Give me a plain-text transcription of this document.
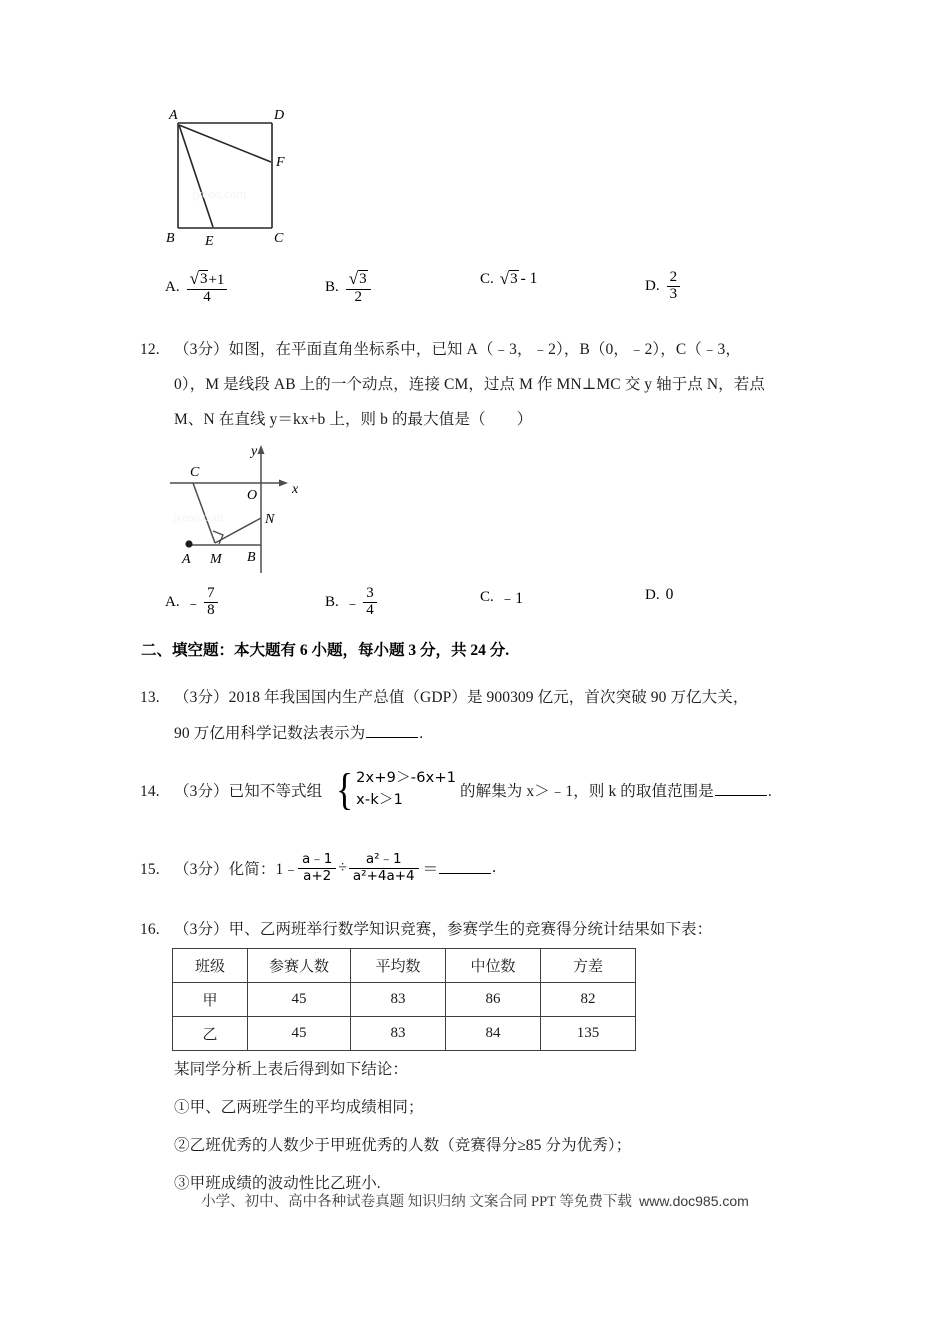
A	D
F
B E	C
jyeoo.com
A. $\frac{√ 3 +1}{4}$	B. $\frac{√ 3}{2}$	C. √ 3 - 1	D. $\frac{2}{3}$
12. （3分）如图，在平面直角坐标系中，已知 A（﹣3，﹣2），B（0，﹣2），C（﹣3，
0），M 是线段 AB 上的一个动点，连接 CM，过点 M 作 MN⊥MC 交 y 轴于点 N，若点
M、N 在直线 y＝kx+b 上，则 b 的最大值是（　　）
y
x
O
C
N
A M B
jyeoo.com
A. ﹣ $\frac{7}{8}$	B. ﹣ $\frac{3}{4}$	C. ﹣1	D. 0
二、填空题：本大题有 6 小题，每小题 3 分，共 24 分.
13. （3分）2018 年我国国内生产总值（GDP）是 900309 亿元，首次突破 90 万亿大关，
90 万亿用科学记数法表示为	.
14. （3分）已知不等式组 { 2x+9＞-6x+1
x-k＞1	的解集为 x＞﹣1，则 k 的取值范围是	.
15. （3分）化简：1﹣ $\frac{a﹣1}{a+2} \div \frac{\text{a²﹣1}}{\text{a²+4a+4}}$ ＝	.
16. （3分）甲、乙两班举行数学知识竞赛，参赛学生的竞赛得分统计结果如下表：
班级	参赛人数	平均数	中位数	方差
甲	45	83	86	82
乙	45	83	84	135
某同学分析上表后得到如下结论：
①甲、乙两班学生的平均成绩相同；
②乙班优秀的人数少于甲班优秀的人数（竞赛得分≥85 分为优秀）；
③甲班成绩的波动性比乙班小.
小学、初中、高中各种试卷真题 知识归纳 文案合同 PPT 等免费下载 www.doc985.com
